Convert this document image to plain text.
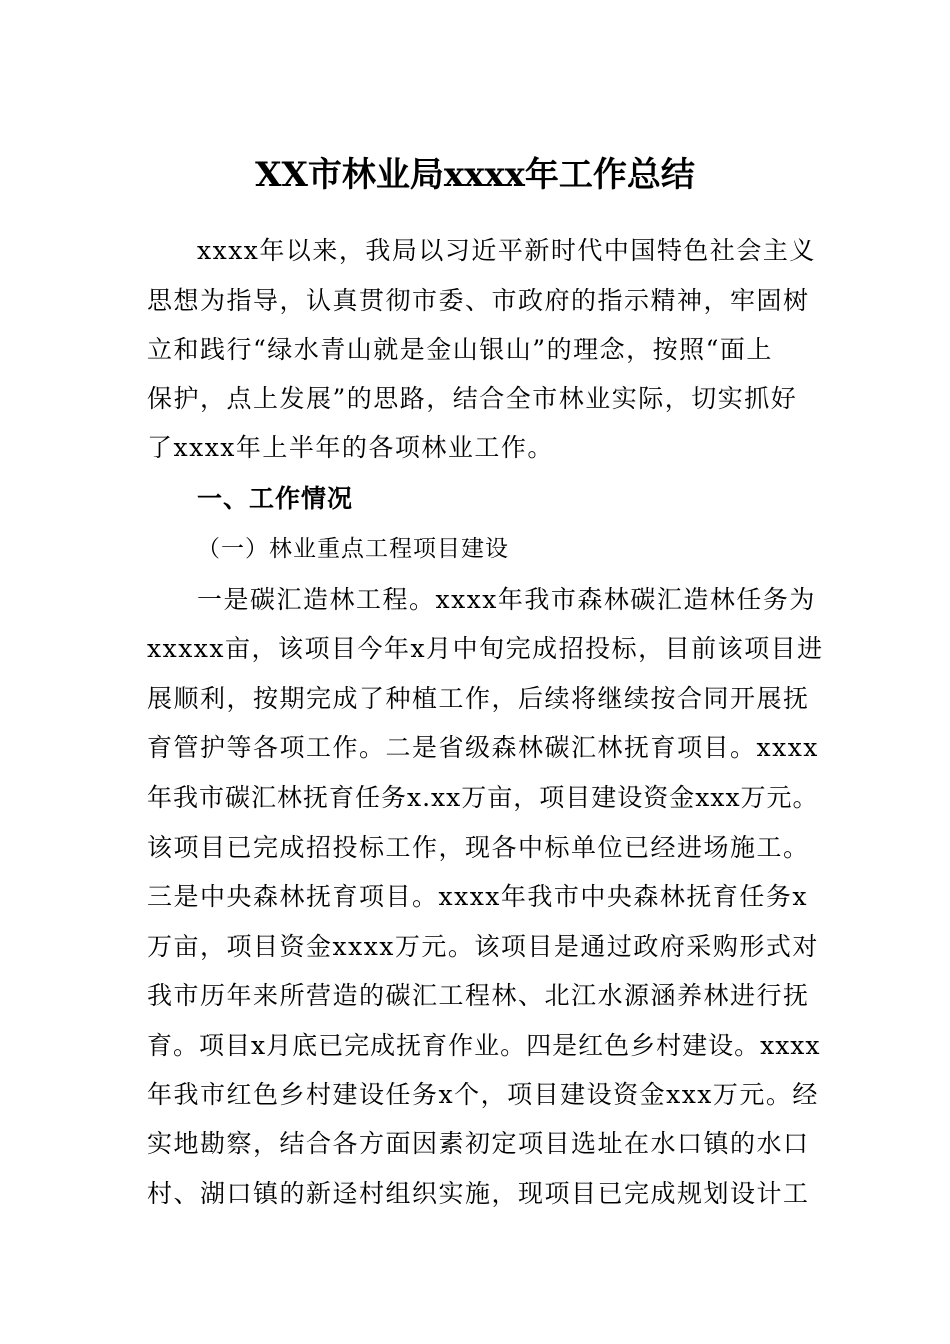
XX市林业局xxxx年工作总结
xxxx年以来，我局以习近平新时代中国特色社会主义
思想为指导，认真贯彻市委、市政府的指示精神，牢固树
立和践行“绿水青山就是金山银山”的理念，按照“面上
保护，点上发展”的思路，结合全市林业实际，切实抓好
了xxxx年上半年的各项林业工作。
一、工作情况
（一）林业重点工程项目建设
一是碳汇造林工程。xxxx年我市森林碳汇造林任务为
xxxxx亩，该项目今年x月中旬完成招投标，目前该项目进
展顺利，按期完成了种植工作，后续将继续按合同开展抚
育管护等各项工作。二是省级森林碳汇林抚育项目。xxxx
年我市碳汇林抚育任务x.xx万亩，项目建设资金xxx万元。
该项目已完成招投标工作，现各中标单位已经进场施工。
三是中央森林抚育项目。xxxx年我市中央森林抚育任务x
万亩，项目资金xxxx万元。该项目是通过政府采购形式对
我市历年来所营造的碳汇工程林、北江水源涵养林进行抚
育。项目x月底已完成抚育作业。四是红色乡村建设。xxxx
年我市红色乡村建设任务x个，项目建设资金xxx万元。经
实地勘察，结合各方面因素初定项目选址在水口镇的水口
村、湖口镇的新迳村组织实施，现项目已完成规划设计工
